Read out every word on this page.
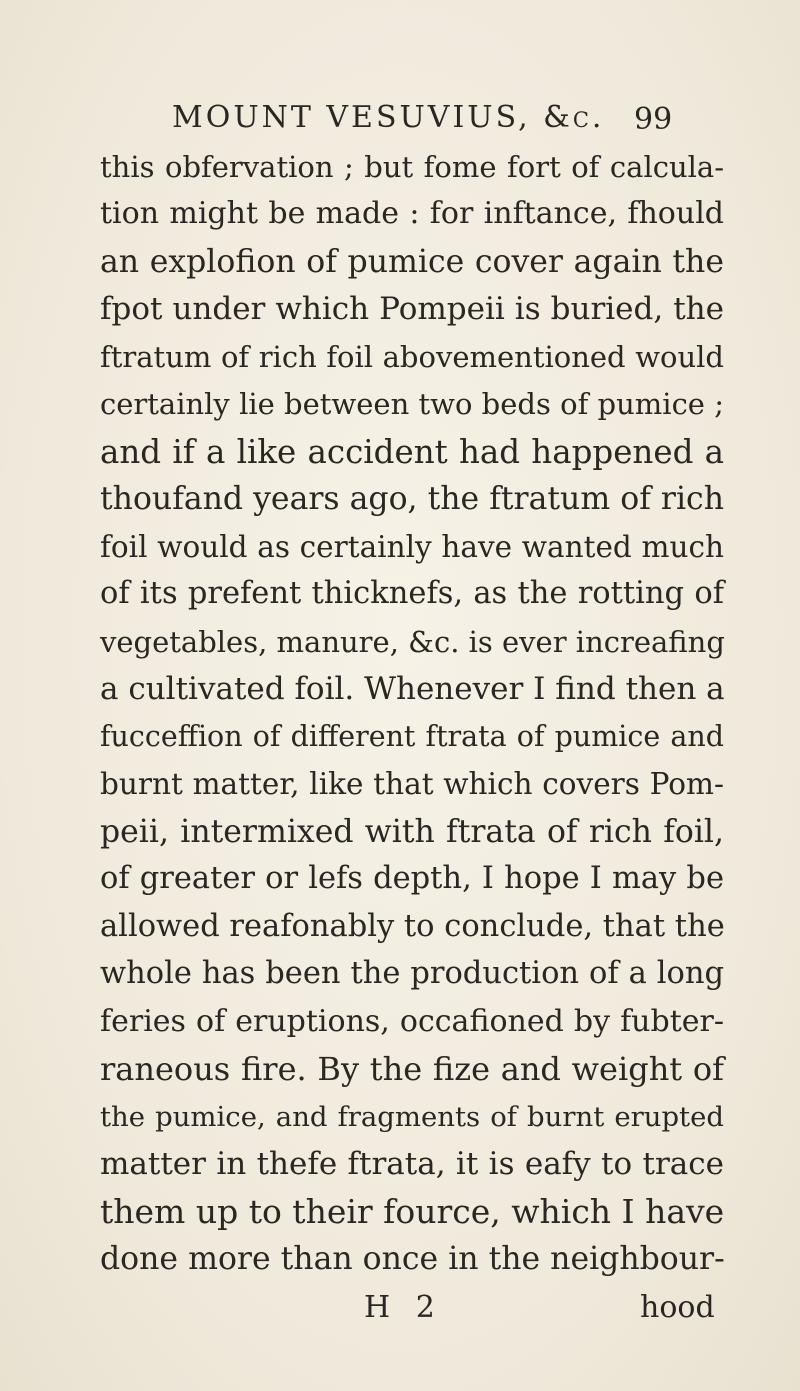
MOUNT VESUVIUS, &c. 99
this obfervation ; but fome fort of calcula-
tion might be made : for inftance, fhould
an explofion of pumice cover again the
fpot under which Pompeii is buried, the
ftratum of rich foil abovementioned would
certainly lie between two beds of pumice ;
and if a like accident had happened a
thoufand years ago, the ftratum of rich
foil would as certainly have wanted much
of its prefent thicknefs, as the rotting of
vegetables, manure, &c. is ever increafing
a cultivated foil. Whenever I find then a
fucceffion of different ftrata of pumice and
burnt matter, like that which covers Pom-
peii, intermixed with ftrata of rich foil,
of greater or lefs depth, I hope I may be
allowed reafonably to conclude, that the
whole has been the production of a long
feries of eruptions, occafioned by fubter-
raneous fire. By the fize and weight of
the pumice, and fragments of burnt erupted
matter in thefe ftrata, it is eafy to trace
them up to their fource, which I have
done more than once in the neighbour-
H 2	hood
